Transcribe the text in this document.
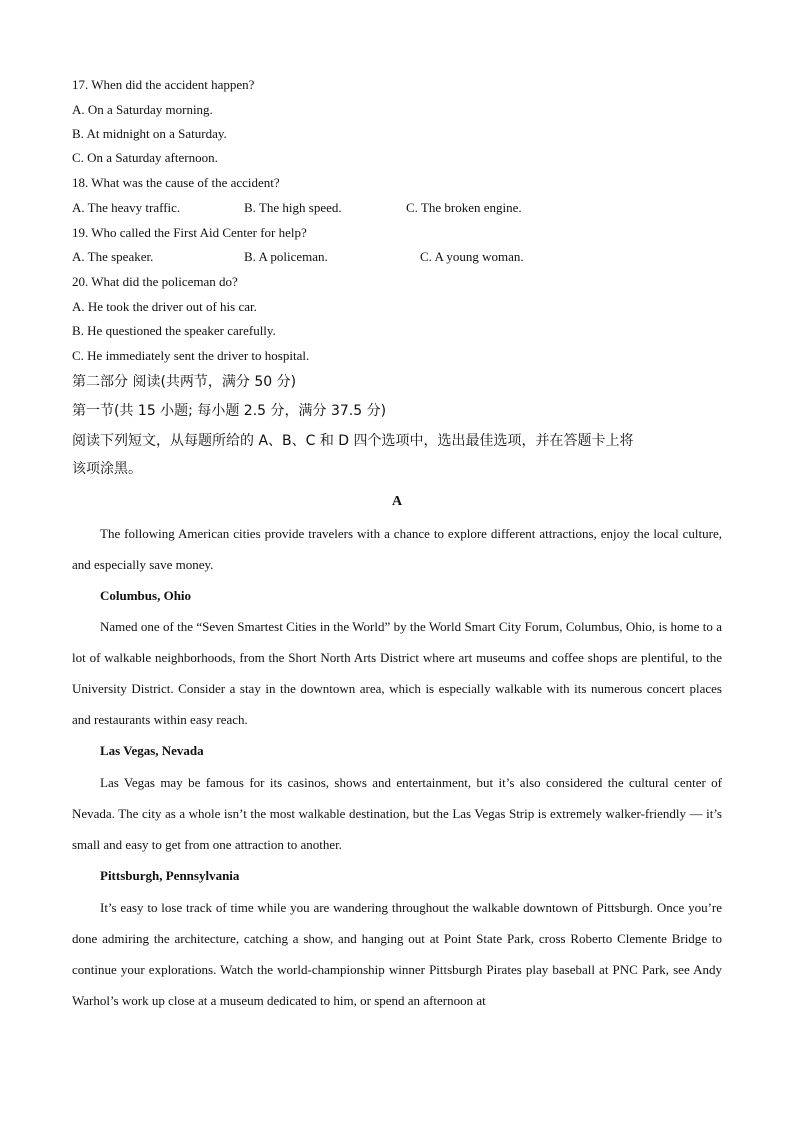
17. When did the accident happen?
A. On a Saturday morning.
B. At midnight on a Saturday.
C. On a Saturday afternoon.
18. What was the cause of the accident?
A. The heavy traffic.	B. The high speed.	C. The broken engine.
19. Who called the First Aid Center for help?
A. The speaker.	B. A policeman.	C. A young woman.
20. What did the policeman do?
A. He took the driver out of his car.
B. He questioned the speaker carefully.
C. He immediately sent the driver to hospital.
第二部分 阅读(共两节，满分 50 分)
第一节(共 15 小题; 每小题 2.5 分，满分 37.5 分)
阅读下列短文，从每题所给的 A、B、C 和 D 四个选项中，选出最佳选项，并在答题卡上将
该项涂黑。
A
The following American cities provide travelers with a chance to explore different attractions, enjoy the local culture, and especially save money.
Columbus, Ohio
Named one of the “Seven Smartest Cities in the World” by the World Smart City Forum, Columbus, Ohio, is home to a lot of walkable neighborhoods, from the Short North Arts District where art museums and coffee shops are plentiful, to the University District. Consider a stay in the downtown area, which is especially walkable with its numerous concert places and restaurants within easy reach.
Las Vegas, Nevada
Las Vegas may be famous for its casinos, shows and entertainment, but it’s also considered the cultural center of Nevada. The city as a whole isn’t the most walkable destination, but the Las Vegas Strip is extremely walker-friendly — it’s small and easy to get from one attraction to another.
Pittsburgh, Pennsylvania
It’s easy to lose track of time while you are wandering throughout the walkable downtown of Pittsburgh. Once you’re done admiring the architecture, catching a show, and hanging out at Point State Park, cross Roberto Clemente Bridge to continue your explorations. Watch the world-championship winner Pittsburgh Pirates play baseball at PNC Park, see Andy Warhol’s work up close at a museum dedicated to him, or spend an afternoon at
